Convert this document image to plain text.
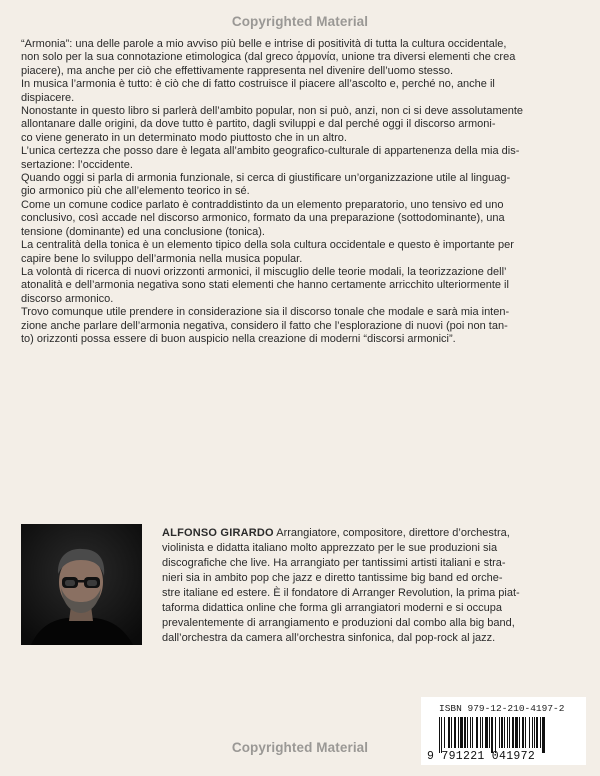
Copyrighted Material
“Armonia”: una delle parole a mio avviso più belle e intrise di positività di tutta la cultura occidentale,
non solo per la sua connotazione etimologica (dal greco ἁρμονία, unione tra diversi elementi che crea
piacere), ma anche per ciò che effettivamente rappresenta nel divenire dell’uomo stesso.
In musica l’armonia è tutto: è ciò che di fatto costruisce il piacere all’ascolto e, perché no, anche il
dispiacere.
Nonostante in questo libro si parlerà dell’ambito popular, non si può, anzi, non ci si deve assolutamente
allontanare dalle origini, da dove tutto è partito, dagli sviluppi e dal perché oggi il discorso armoni-
co viene generato in un determinato modo piuttosto che in un altro.
L’unica certezza che posso dare è legata all’ambito geografico-culturale di appartenenza della mia dis-
sertazione: l’occidente.
Quando oggi si parla di armonia funzionale, si cerca di giustificare un’organizzazione utile al linguag-
gio armonico più che all’elemento teorico in sé.
Come un comune codice parlato è contraddistinto da un elemento preparatorio, uno tensivo ed uno
conclusivo, così accade nel discorso armonico, formato da una preparazione (sottodominante), una
tensione (dominante) ed una conclusione (tonica).
La centralità della tonica è un elemento tipico della sola cultura occidentale e questo è importante per
capire bene lo sviluppo dell’armonia nella musica popular.
La volontà di ricerca di nuovi orizzonti armonici, il miscuglio delle teorie modali, la teorizzazione dell’
atonalità e dell’armonia negativa sono stati elementi che hanno certamente arricchito ulteriormente il
discorso armonico.
Trovo comunque utile prendere in considerazione sia il discorso tonale che modale e sarà mia inten-
zione anche parlare dell’armonia negativa, considero il fatto che l’esplorazione di nuovi (poi non tan-
to) orizzonti possa essere di buon auspicio nella creazione di moderni “discorsi armonici”.
ALFONSO GIRARDO Arrangiatore, compositore, direttore d’orchestra,
violinista e didatta italiano molto apprezzato per le sue produzioni sia
discografiche che live. Ha arrangiato per tantissimi artisti italiani e stra-
nieri sia in ambito pop che jazz e diretto tantissime big band ed orche-
stre italiane ed estere. È il fondatore di Arranger Revolution, la prima piat-
taforma didattica online che forma gli arrangiatori moderni e si occupa
prevalentemente di arrangiamento e produzioni dal combo alla big band,
dall’orchestra da camera all’orchestra sinfonica, dal pop-rock al jazz.
ISBN 979-12-210-4197-2
9 791221 041972
Copyrighted Material
